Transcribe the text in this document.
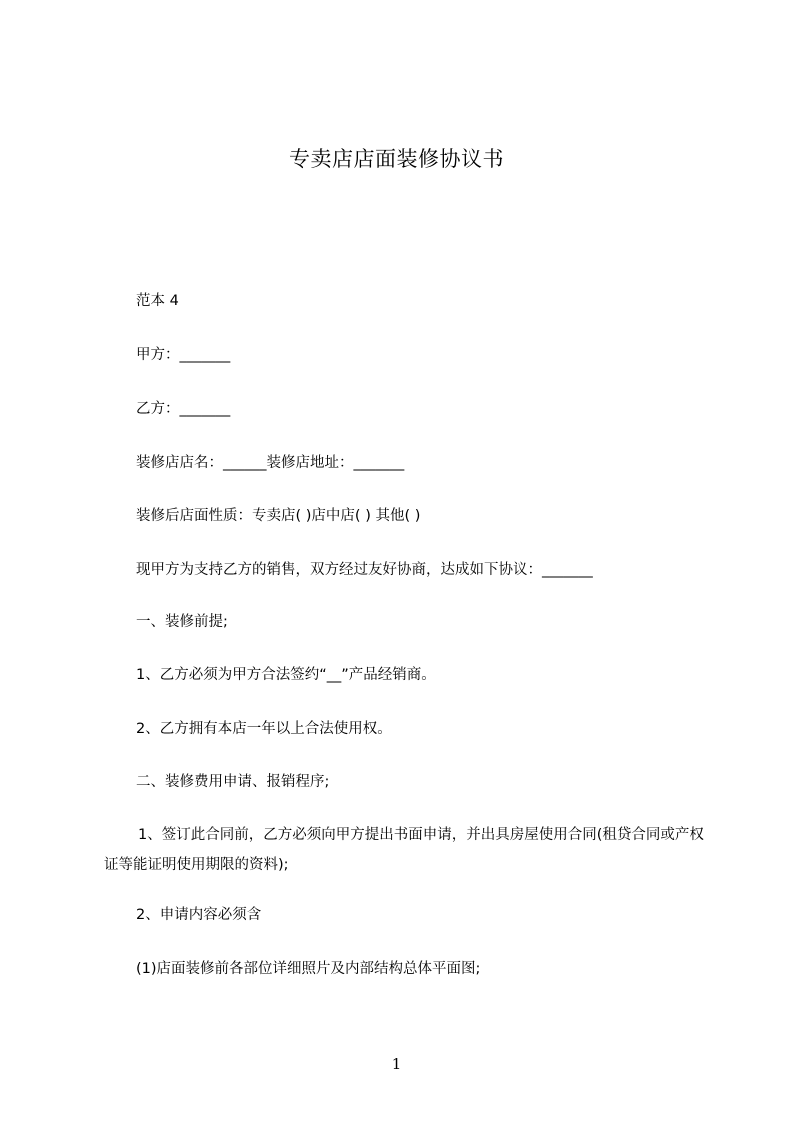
专卖店店面装修协议书
范本 4
甲方：_______
乙方：_______
装修店店名：______装修店地址：_______
装修后店面性质：专卖店( )店中店( ) 其他( )
现甲方为支持乙方的销售，双方经过友好协商，达成如下协议：_______
一、装修前提;
1、乙方必须为甲方合法签约“__”产品经销商。
2、乙方拥有本店一年以上合法使用权。
二、装修费用申请、报销程序;
1、签订此合同前，乙方必须向甲方提出书面申请，并出具房屋使用合同(租贷合同或产权证等能证明使用期限的资料);
2、申请内容必须含
(1)店面装修前各部位详细照片及内部结构总体平面图;
1
